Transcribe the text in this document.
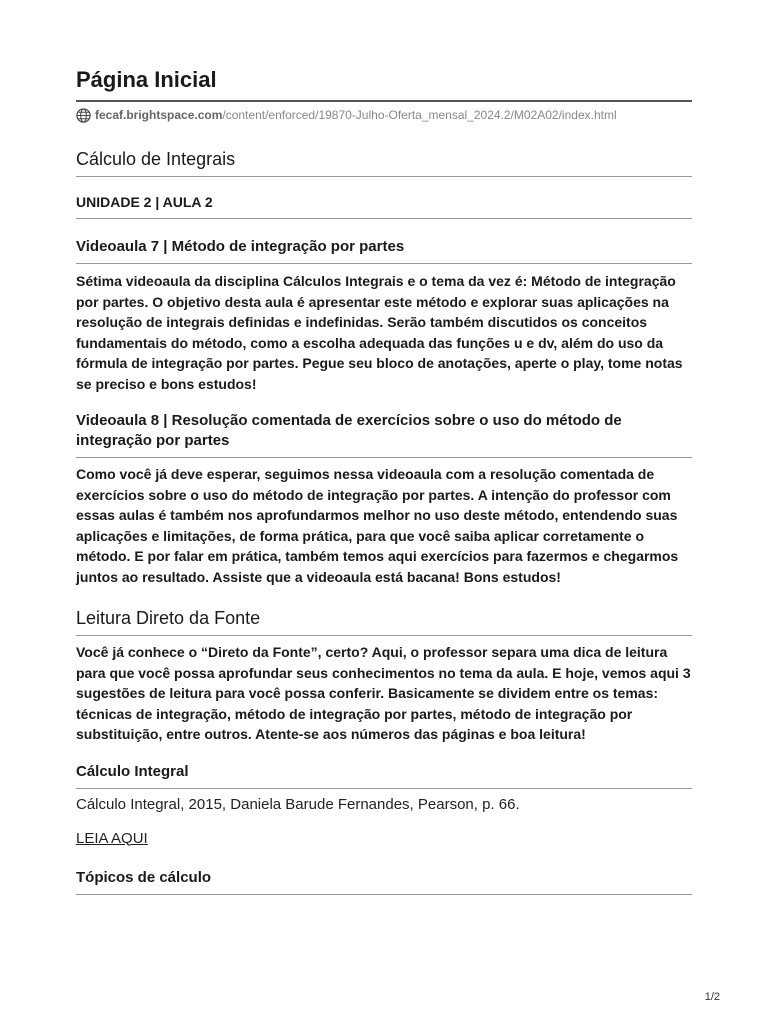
Página Inicial
fecaf.brightspace.com /content/enforced/19870-Julho-Oferta_mensal_2024.2/M02A02/index.html
Cálculo de Integrais
UNIDADE 2 | AULA 2
Videoaula 7 | Método de integração por partes

Sétima videoaula da disciplina Cálculos Integrais e o tema da vez é: Método de integração por partes. O objetivo desta aula é apresentar este método e explorar suas aplicações na resolução de integrais definidas e indefinidas. Serão também discutidos os conceitos fundamentais do método, como a escolha adequada das funções u e dv, além do uso da fórmula de integração por partes. Pegue seu bloco de anotações, aperte o play, tome notas se preciso e bons estudos!

Videoaula 8 | Resolução comentada de exercícios sobre o uso do método de integração por partes

Como você já deve esperar, seguimos nessa videoaula com a resolução comentada de exercícios sobre o uso do método de integração por partes. A intenção do professor com essas aulas é também nos aprofundarmos melhor no uso deste método, entendendo suas aplicações e limitações, de forma prática, para que você saiba aplicar corretamente o método. E por falar em prática, também temos aqui exercícios para fazermos e chegarmos juntos ao resultado. Assiste que a videoaula está bacana! Bons estudos!

Leitura Direto da Fonte

Você já conhece o “Direto da Fonte”, certo? Aqui, o professor separa uma dica de leitura para que você possa aprofundar seus conhecimentos no tema da aula. E hoje, vemos aqui 3 sugestões de leitura para você possa conferir. Basicamente se dividem entre os temas: técnicas de integração, método de integração por partes, método de integração por substituição, entre outros. Atente-se aos números das páginas e boa leitura!

Cálculo Integral

Cálculo Integral, 2015, Daniela Barude Fernandes, Pearson, p. 66.

LEIA AQUI

Tópicos de cálculo
1/2
